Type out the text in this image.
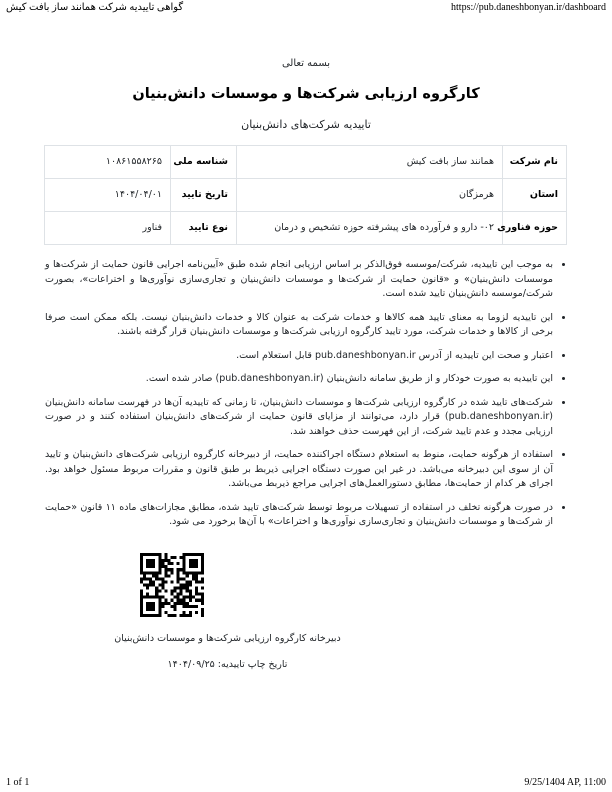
گواهی تاییدیه شرکت همانند ساز بافت کیش	https://pub.daneshbonyan.ir/dashboard
بسمه تعالی
کارگروه ارزیابی شرکت‌ها و موسسات دانش‌بنیان
تاییدیه شرکت‌های دانش‌بنیان
نام شرکت	همانند ساز بافت کیش	شناسه ملی	۱۰۸۶۱۵۵۸۲۶۵
استان	هرمزگان	تاریخ تایید	۱۴۰۴/۰۴/۰۱
حوزه فناوری	۰۲- دارو و فرآورده های پیشرفته حوزه تشخیص و درمان	نوع تایید	فناور
• به موجب این تاییدیه، شرکت/موسسه فوق‌الذکر بر اساس ارزیابی انجام شده طبق «آیین‌نامه اجرایی قانون حمایت از شرکت‌ها و موسسات دانش‌بنیان» و «قانون حمایت از شرکت‌ها و موسسات دانش‌بنیان و تجاری‌سازی نوآوری‌ها و اختراعات»، بصورت شرکت/موسسه دانش‌بنیان تایید شده است.
• این تاییدیه لزوما به معنای تایید همه کالاها و خدمات شرکت به عنوان کالا و خدمات دانش‌بنیان نیست. بلکه ممکن است صرفا برخی از کالاها و خدمات شرکت، مورد تایید کارگروه ارزیابی شرکت‌ها و موسسات دانش‌بنیان قرار گرفته باشند.
• اعتبار و صحت این تاییدیه از آدرس pub.daneshbonyan.ir قابل استعلام است.
• این تاییدیه به صورت خودکار و از طریق سامانه دانش‌بنیان (pub.daneshbonyan.ir) صادر شده است.
• شرکت‌های تایید شده در کارگروه ارزیابی شرکت‌ها و موسسات دانش‌بنیان، تا زمانی که تاییدیه آن‌ها در فهرست سامانه دانش‌بنیان (pub.daneshbonyan.ir) قرار دارد، می‌توانند از مزایای قانون حمایت از شرکت‌های دانش‌بنیان استفاده کنند و در صورت ارزیابی مجدد و عدم تایید شرکت، از این فهرست حذف خواهند شد.
• استفاده از هرگونه حمایت، منوط به استعلام دستگاه اجراکننده حمایت، از دبیرخانه کارگروه ارزیابی شرکت‌های دانش‌بنیان و تایید آن از سوی این دبیرخانه می‌باشد. در غیر این صورت دستگاه اجرایی ذیربط بر طبق قانون و مقررات مربوط مسئول خواهد بود. اجرای هر کدام از حمایت‌ها، مطابق دستورالعمل‌های اجرایی مراجع ذیربط می‌باشد.
• در صورت هرگونه تخلف در استفاده از تسهیلات مربوط توسط شرکت‌های تایید شده، مطابق مجازات‌های ماده ۱۱ قانون «حمایت از شرکت‌ها و موسسات دانش‌بنیان و تجاری‌سازی نوآوری‌ها و اختراعات» با آن‌ها برخورد می شود.
دبیرخانه کارگروه ارزیابی شرکت‌ها و موسسات دانش‌بنیان
تاریخ چاپ تاییدیه: ۱۴۰۴/۰۹/۲۵
1 of 1	9/25/1404 AP, 11:00
